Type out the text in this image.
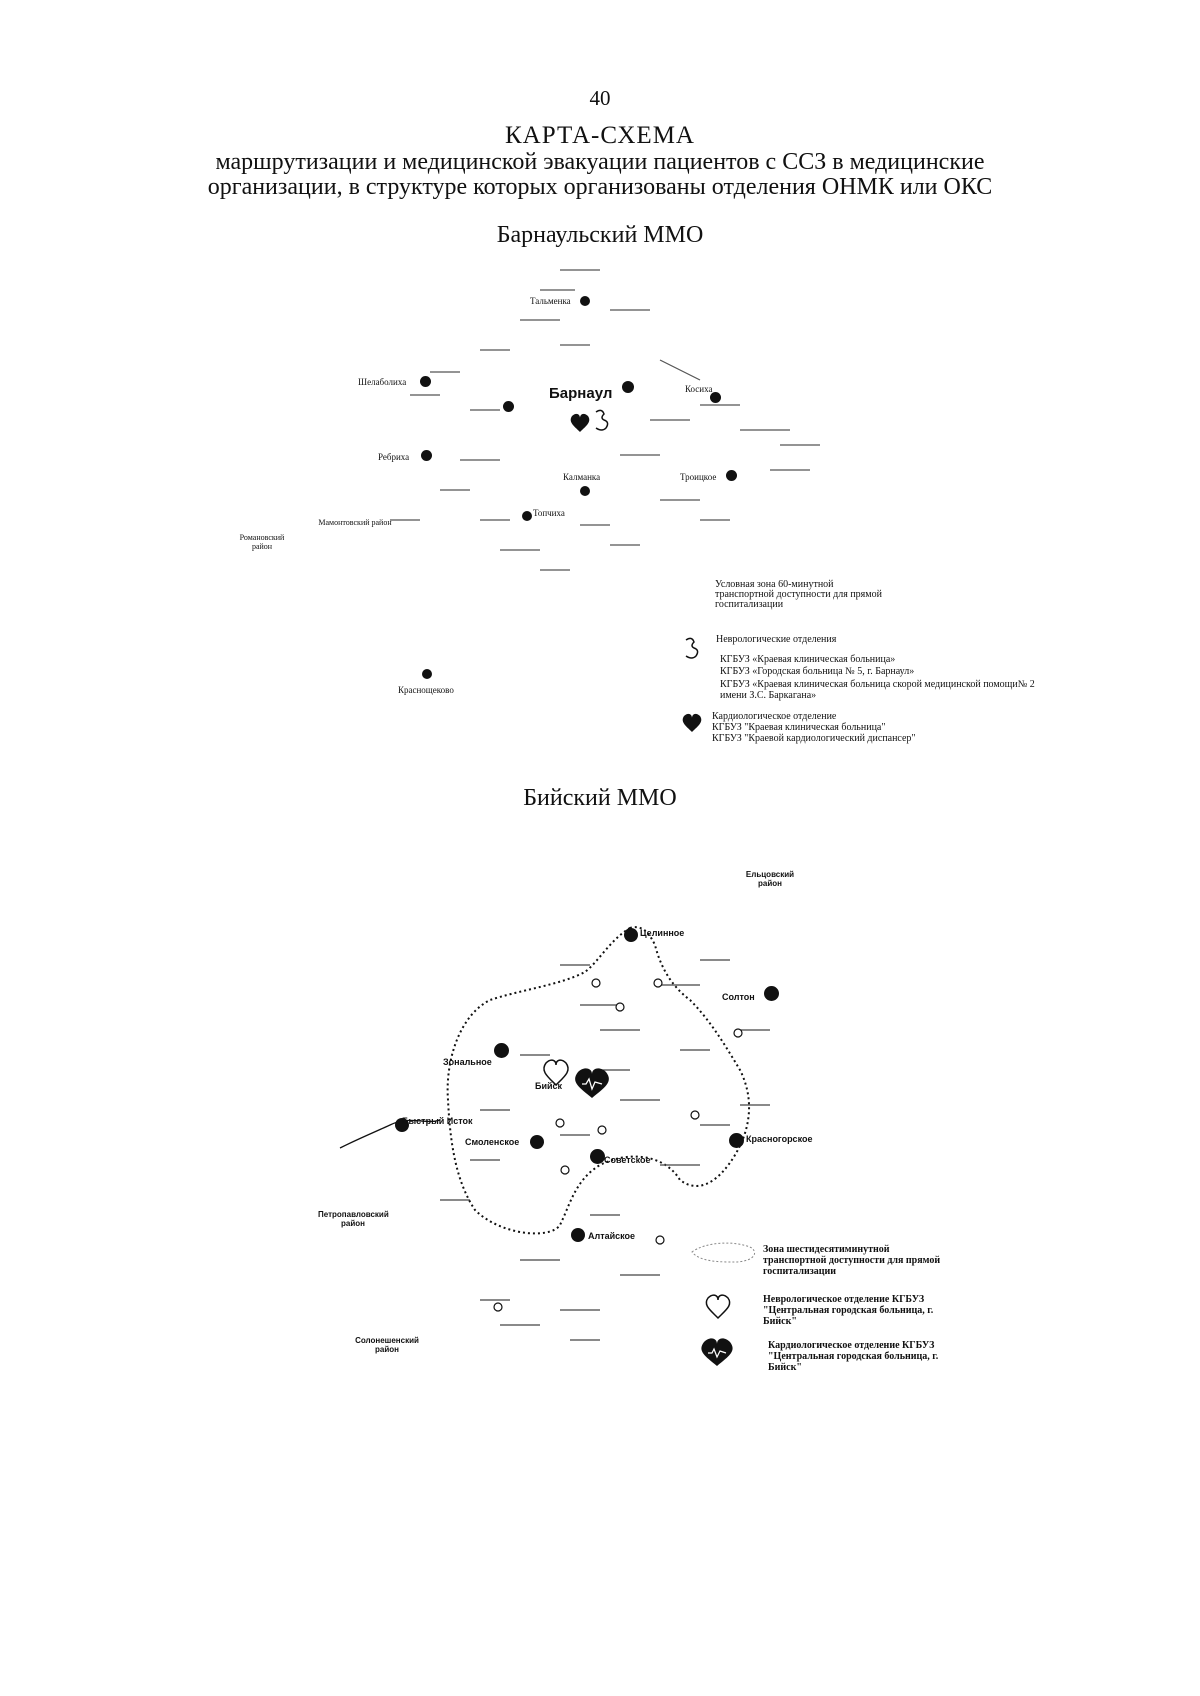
40
КАРТА-СХЕМА
маршрутизации и медицинской эвакуации пациентов с ССЗ в медицинские
организации, в структуре которых организованы отделения ОНМК или ОКС
Барнаульский ММО
Тальменка
Шелаболиха
Барнаул	Косиха
Ребриха
Калманка	Троицкое
Топчиха
Мамонтовский район
Романовский район
Краснощеково
Условная зона 60-минутной транспортной доступности для прямой госпитализации
Неврологические отделения
КГБУЗ «Краевая клиническая больница»
КГБУЗ «Городская больница № 5, г. Барнаул»
КГБУЗ «Краевая клиническая больница скорой медицинской помощи№ 2 имени З.С. Баркагана»
Кардиологическое отделение
КГБУЗ "Краевая клиническая больница"
КГБУЗ "Краевой кардиологический диспансер"
Бийский ММО
Ельцовский район
Целинное
Солтон
Зональное
Бийск
Быстрый Исток
Смоленское	Красногорское
Советское
Петропавловский район
Алтайское
Солонешенский район
Зона шестидесятиминутной транспортной доступности для прямой госпитализации
Неврологическое отделение КГБУЗ "Центральная городская больница, г. Бийск"
Кардиологическое отделение КГБУЗ "Центральная городская больница, г. Бийск"
